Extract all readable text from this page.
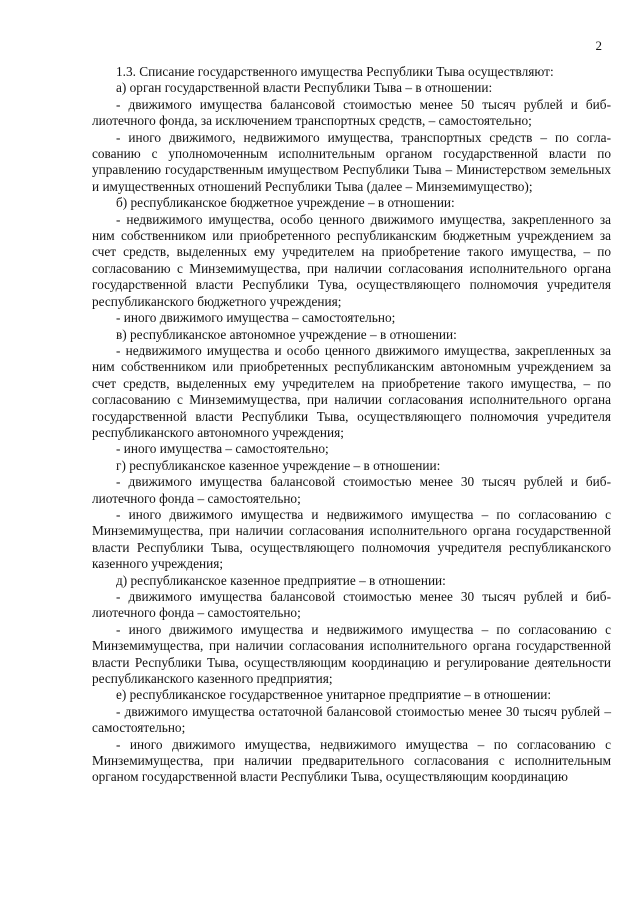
2

1.3. Списание государственного имущества Республики Тыва осуществляют:

а) орган государственной власти Республики Тыва – в отношении:

- движимого имущества балансовой стоимостью менее 50 тысяч рублей и библиотечного фонда, за исключением транспортных средств, – самостоятельно;

- иного движимого, недвижимого имущества, транспортных средств – по согласованию с уполномоченным исполнительным органом государственной власти по управлению государственным имуществом Республики Тыва – Министерством земельных и имущественных отношений Республики Тыва (далее – Минземимущество);

б) республиканское бюджетное учреждение – в отношении:

- недвижимого имущества, особо ценного движимого имущества, закрепленного за ним собственником или приобретенного республиканским бюджетным учреждением за счет средств, выделенных ему учредителем на приобретение такого имущества, – по согласованию с Минземимущества, при наличии согласования исполнительного органа государственной власти Республики Тува, осуществляющего полномочия учредителя республиканского бюджетного учреждения;

- иного движимого имущества – самостоятельно;

в) республиканское автономное учреждение – в отношении:

- недвижимого имущества и особо ценного движимого имущества, закрепленных за ним собственником или приобретенных республиканским автономным учреждением за счет средств, выделенных ему учредителем на приобретение такого имущества, – по согласованию с Минземимущества, при наличии согласования исполнительного органа государственной власти Республики Тыва, осуществляющего полномочия учредителя республиканского автономного учреждения;

- иного имущества – самостоятельно;

г) республиканское казенное учреждение – в отношении:

- движимого имущества балансовой стоимостью менее 30 тысяч рублей и библиотечного фонда – самостоятельно;

- иного движимого имущества и недвижимого имущества – по согласованию с Минземимущества, при наличии согласования исполнительного органа государственной власти Республики Тыва, осуществляющего полномочия учредителя республиканского казенного учреждения;

д) республиканское казенное предприятие – в отношении:

- движимого имущества балансовой стоимостью менее 30 тысяч рублей и библиотечного фонда – самостоятельно;

- иного движимого имущества и недвижимого имущества – по согласованию с Минземимущества, при наличии согласования исполнительного органа государственной власти Республики Тыва, осуществляющим координацию и регулирование деятельности республиканского казенного предприятия;

е) республиканское государственное унитарное предприятие – в отношении:

- движимого имущества остаточной балансовой стоимостью менее 30 тысяч рублей – самостоятельно;

- иного движимого имущества, недвижимого имущества – по согласованию с Минземимущества, при наличии предварительного согласования с исполнительным органом государственной власти Республики Тыва, осуществляющим координацию
